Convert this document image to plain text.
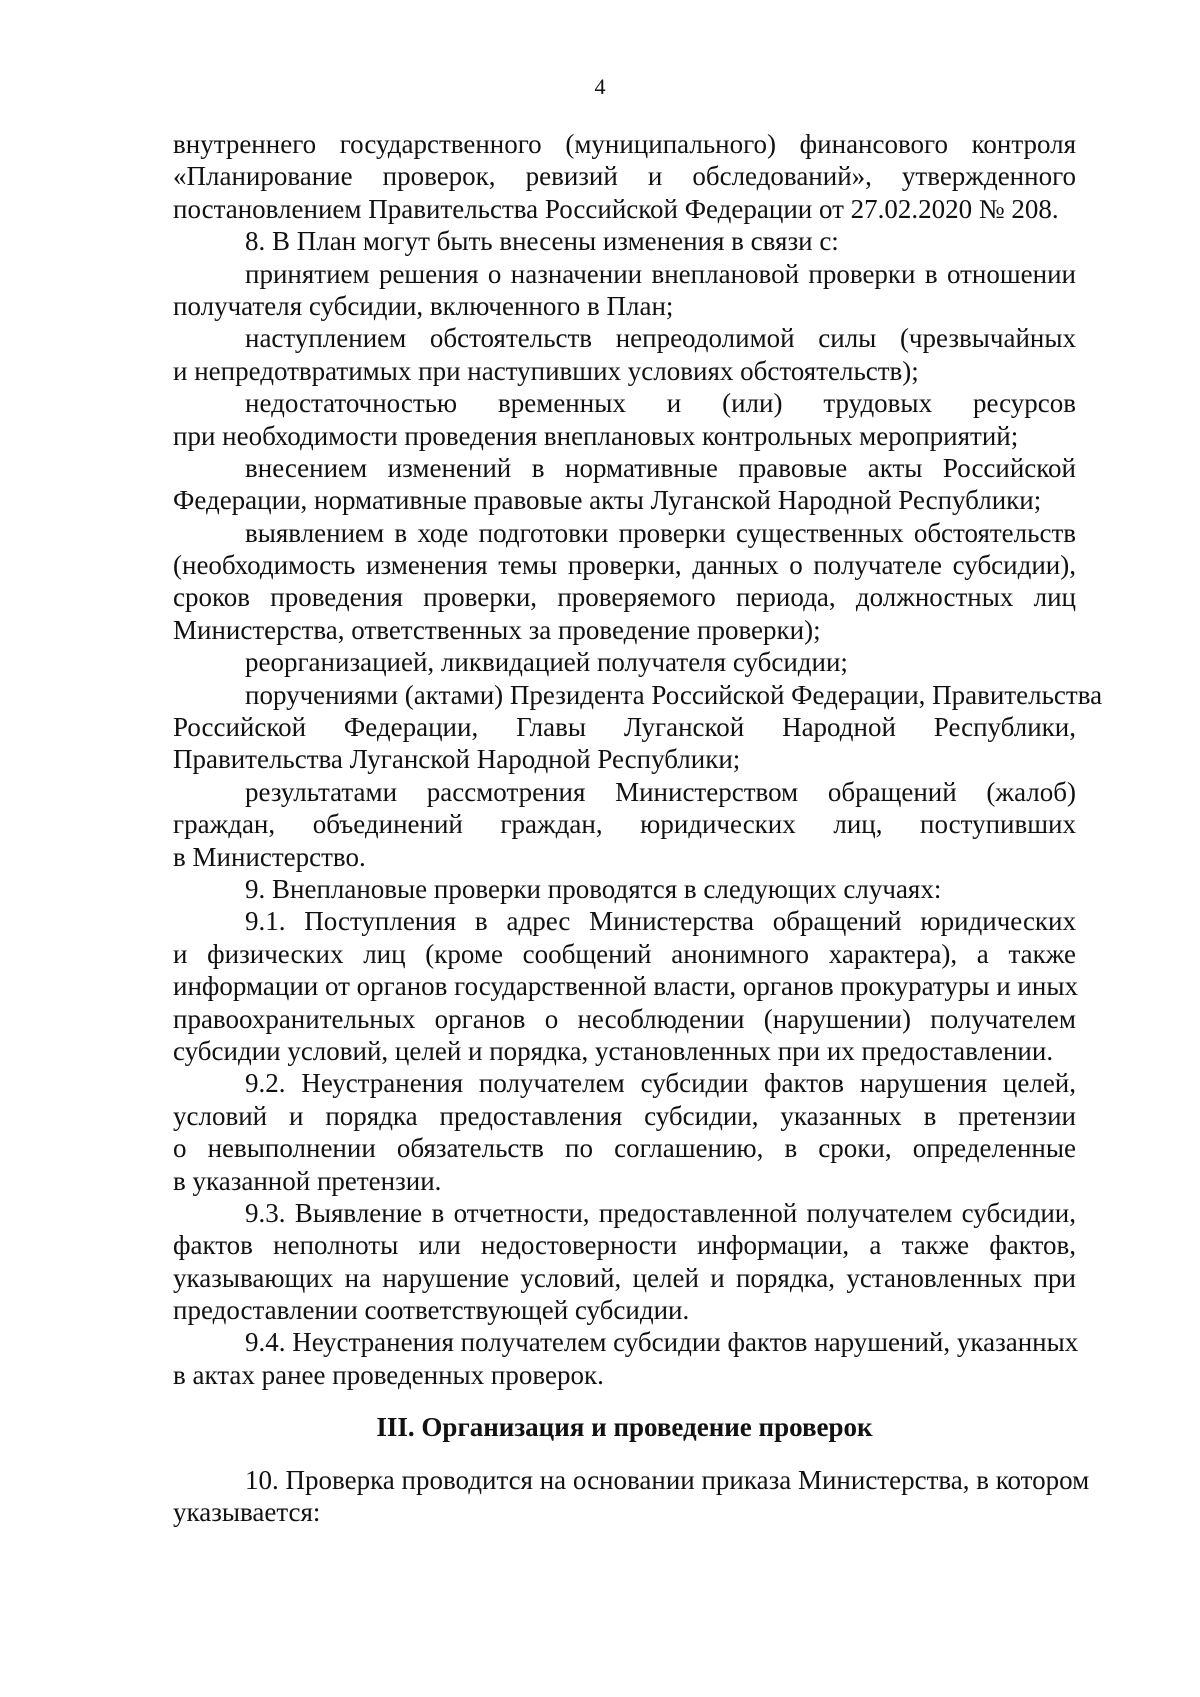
4
внутреннего государственного (муниципального) финансового контроля
«Планирование проверок, ревизий и обследований», утвержденного
постановлением Правительства Российской Федерации от 27.02.2020 № 208.
8. В План могут быть внесены изменения в связи с:
принятием решения о назначении внеплановой проверки в отношении
получателя субсидии, включенного в План;
наступлением обстоятельств непреодолимой силы (чрезвычайных
и непредотвратимых при наступивших условиях обстоятельств);
недостаточностью временных и (или) трудовых ресурсов
при необходимости проведения внеплановых контрольных мероприятий;
внесением изменений в нормативные правовые акты Российской
Федерации, нормативные правовые акты Луганской Народной Республики;
выявлением в ходе подготовки проверки существенных обстоятельств
(необходимость изменения темы проверки, данных о получателе субсидии),
сроков проведения проверки, проверяемого периода, должностных лиц
Министерства, ответственных за проведение проверки);
реорганизацией, ликвидацией получателя субсидии;
поручениями (актами) Президента Российской Федерации, Правительства
Российской Федерации, Главы Луганской Народной Республики,
Правительства Луганской Народной Республики;
результатами рассмотрения Министерством обращений (жалоб)
граждан, объединений граждан, юридических лиц, поступивших
в Министерство.
9. Внеплановые проверки проводятся в следующих случаях:
9.1. Поступления в адрес Министерства обращений юридических
и физических лиц (кроме сообщений анонимного характера), а также
информации от органов государственной власти, органов прокуратуры и иных
правоохранительных органов о несоблюдении (нарушении) получателем
субсидии условий, целей и порядка, установленных при их предоставлении.
9.2. Неустранения получателем субсидии фактов нарушения целей,
условий и порядка предоставления субсидии, указанных в претензии
о невыполнении обязательств по соглашению, в сроки, определенные
в указанной претензии.
9.3. Выявление в отчетности, предоставленной получателем субсидии,
фактов неполноты или недостоверности информации, а также фактов,
указывающих на нарушение условий, целей и порядка, установленных при
предоставлении соответствующей субсидии.
9.4. Неустранения получателем субсидии фактов нарушений, указанных
в актах ранее проведенных проверок.
III. Организация и проведение проверок
10. Проверка проводится на основании приказа Министерства, в котором
указывается:
